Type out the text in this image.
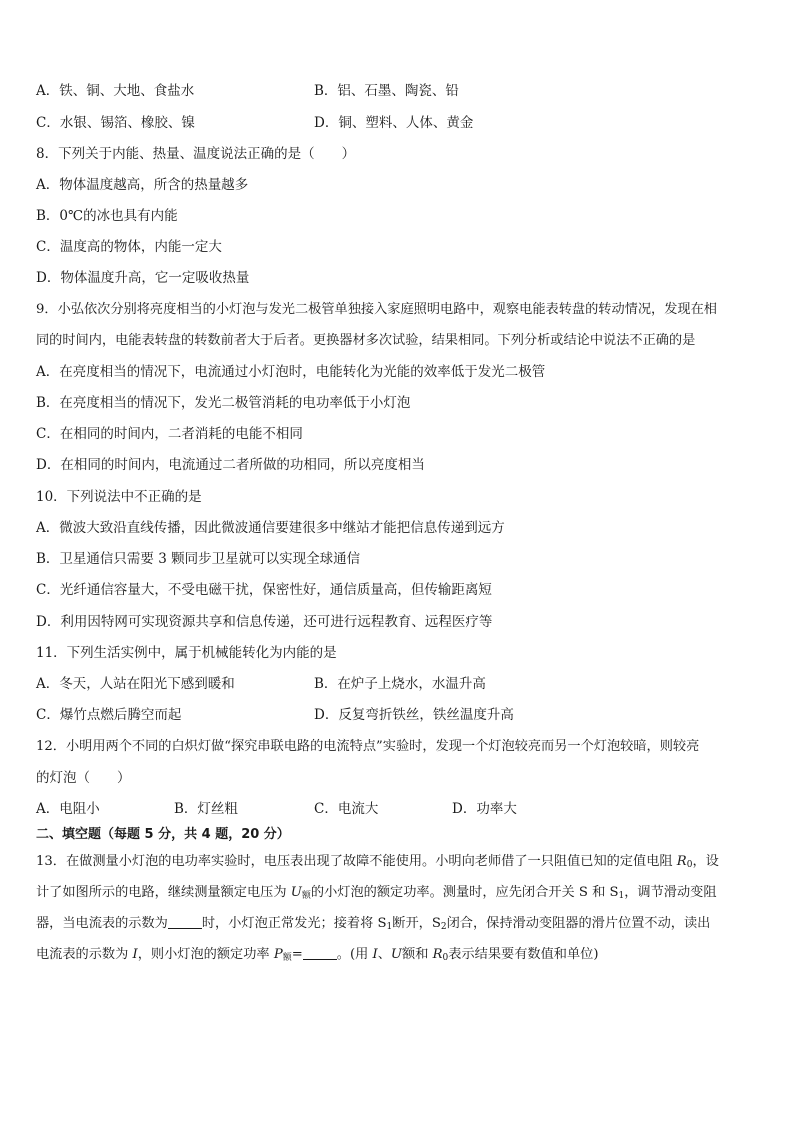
A．铁、铜、大地、食盐水	B．铝、石墨、陶瓷、铅
C．水银、锡箔、橡胶、镍	D．铜、塑料、人体、黄金
8．下列关于内能、热量、温度说法正确的是（　　）
A．物体温度越高，所含的热量越多
B．0℃的冰也具有内能
C．温度高的物体，内能一定大
D．物体温度升高，它一定吸收热量
9．小弘依次分别将亮度相当的小灯泡与发光二极管单独接入家庭照明电路中，观察电能表转盘的转动情况，发现在相
同的时间内，电能表转盘的转数前者大于后者。更换器材多次试验，结果相同。下列分析或结论中说法不正确的是
A．在亮度相当的情况下，电流通过小灯泡时，电能转化为光能的效率低于发光二极管
B．在亮度相当的情况下，发光二极管消耗的电功率低于小灯泡
C．在相同的时间内，二者消耗的电能不相同
D．在相同的时间内，电流通过二者所做的功相同，所以亮度相当
10．下列说法中不正确的是
A．微波大致沿直线传播，因此微波通信要建很多中继站才能把信息传递到远方
B．卫星通信只需要 3 颗同步卫星就可以实现全球通信
C．光纤通信容量大，不受电磁干扰，保密性好，通信质量高，但传输距离短
D．利用因特网可实现资源共享和信息传递，还可进行远程教育、远程医疗等
11．下列生活实例中，属于机械能转化为内能的是
A．冬天，人站在阳光下感到暖和	B．在炉子上烧水，水温升高
C．爆竹点燃后腾空而起	D．反复弯折铁丝，铁丝温度升高
12．小明用两个不同的白炽灯做“探究串联电路的电流特点”实验时，发现一个灯泡较亮而另一个灯泡较暗，则较亮
的灯泡（　　）
A．电阻小	B．灯丝粗	C．电流大	D．功率大
二、填空题（每题 5 分，共 4 题，20 分）
13．在做测量小灯泡的电功率实验时，电压表出现了故障不能使用。小明向老师借了一只阻值已知的定值电阻 $R_0$，设
计了如图所示的电路，继续测量额定电压为 $U_额$的小灯泡的额定功率。测量时，应先闭合开关 S 和 $S_1$，调节滑动变阻
器，当电流表的示数为	时，小灯泡正常发光；接着将 $S_1$断开，$S_2$闭合，保持滑动变阻器的滑片位置不动，读出
电流表的示数为 I，则小灯泡的额定功率 $P_额=$	。(用 I、U额和 $R_0$表示结果要有数值和单位)
